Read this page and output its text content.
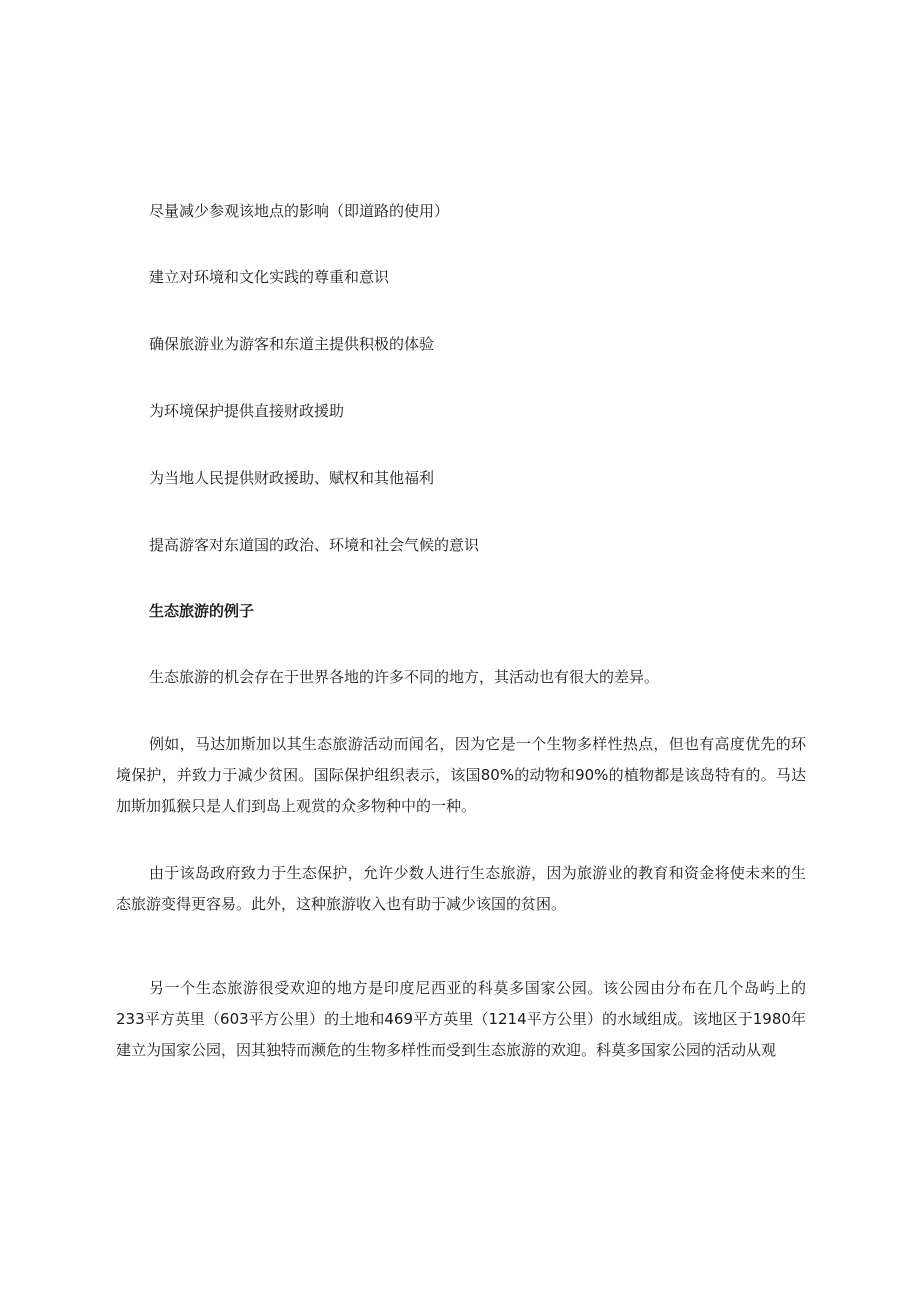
尽量减少参观该地点的影响（即道路的使用）

建立对环境和文化实践的尊重和意识

确保旅游业为游客和东道主提供积极的体验

为环境保护提供直接财政援助

为当地人民提供财政援助、赋权和其他福利

提高游客对东道国的政治、环境和社会气候的意识

生态旅游的例子

生态旅游的机会存在于世界各地的许多不同的地方，其活动也有很大的差异。

例如，马达加斯加以其生态旅游活动而闻名，因为它是一个生物多样性热点，但也有高度优先的环境保护，并致力于减少贫困。国际保护组织表示，该国80%的动物和90%的植物都是该岛特有的。马达加斯加狐猴只是人们到岛上观赏的众多物种中的一种。

由于该岛政府致力于生态保护，允许少数人进行生态旅游，因为旅游业的教育和资金将使未来的生态旅游变得更容易。此外，这种旅游收入也有助于减少该国的贫困。

另一个生态旅游很受欢迎的地方是印度尼西亚的科莫多国家公园。该公园由分布在几个岛屿上的233平方英里（603平方公里）的土地和469平方英里（1214平方公里）的水域组成。该地区于1980年建立为国家公园，因其独特而濒危的生物多样性而受到生态旅游的欢迎。科莫多国家公园的活动从观
